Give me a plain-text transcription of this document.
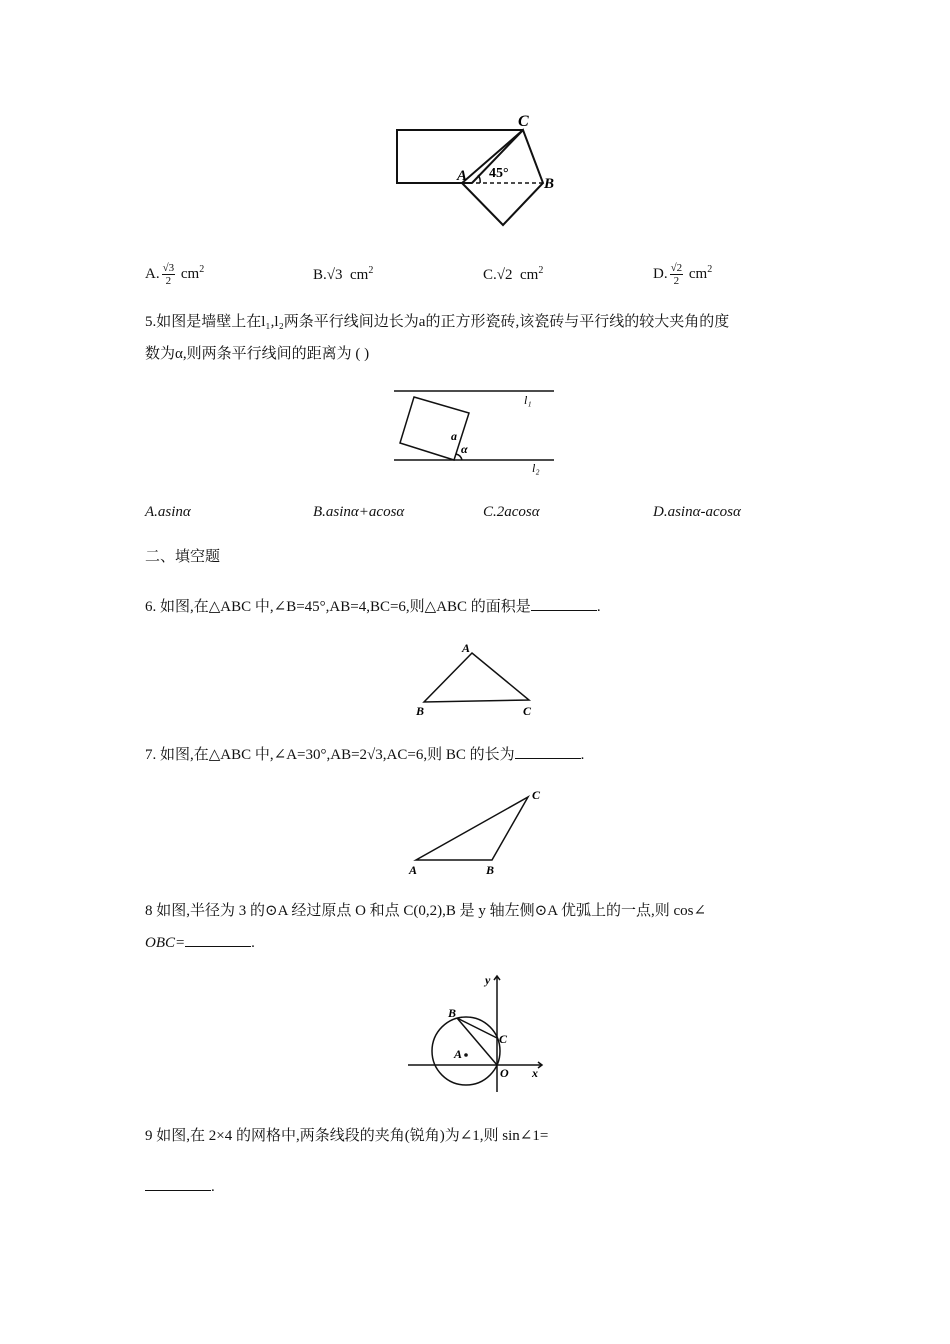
C
A	B
45°
A. $\frac{√3}{2} cm^2$	B.√3 $cm^2$	C.√2 $cm^2$	D. $\frac{√2}{2} cm^2$
5.如图是墙壁上在l₁,l₂两条平行线间边长为a的正方形瓷砖,该瓷砖与平行线的较大夹角的度
数为α,则两条平行线间的距离为 ( )
l₁
l₂
a
α
A.asinα	B.asinα+acosα	C.2acosα	D.asinα-acosα
二、填空题
6. 如图,在△ABC 中,∠B=45°,AB=4,BC=6,则△ABC 的面积是	.
A
B	C
7. 如图,在△ABC 中,∠A=30°,AB=2√3,AC=6,则 BC 的长为	.
C
A	B
8 如图,半径为 3 的⊙A 经过原点 O 和点 C(0,2),B 是 y 轴左侧⊙A 优弧上的一点,则 cos∠
OBC=	.
y
x
B
C
A
O
9 如图,在 2×4 的网格中,两条线段的夹角(锐角)为∠1,则 sin∠1=
.
